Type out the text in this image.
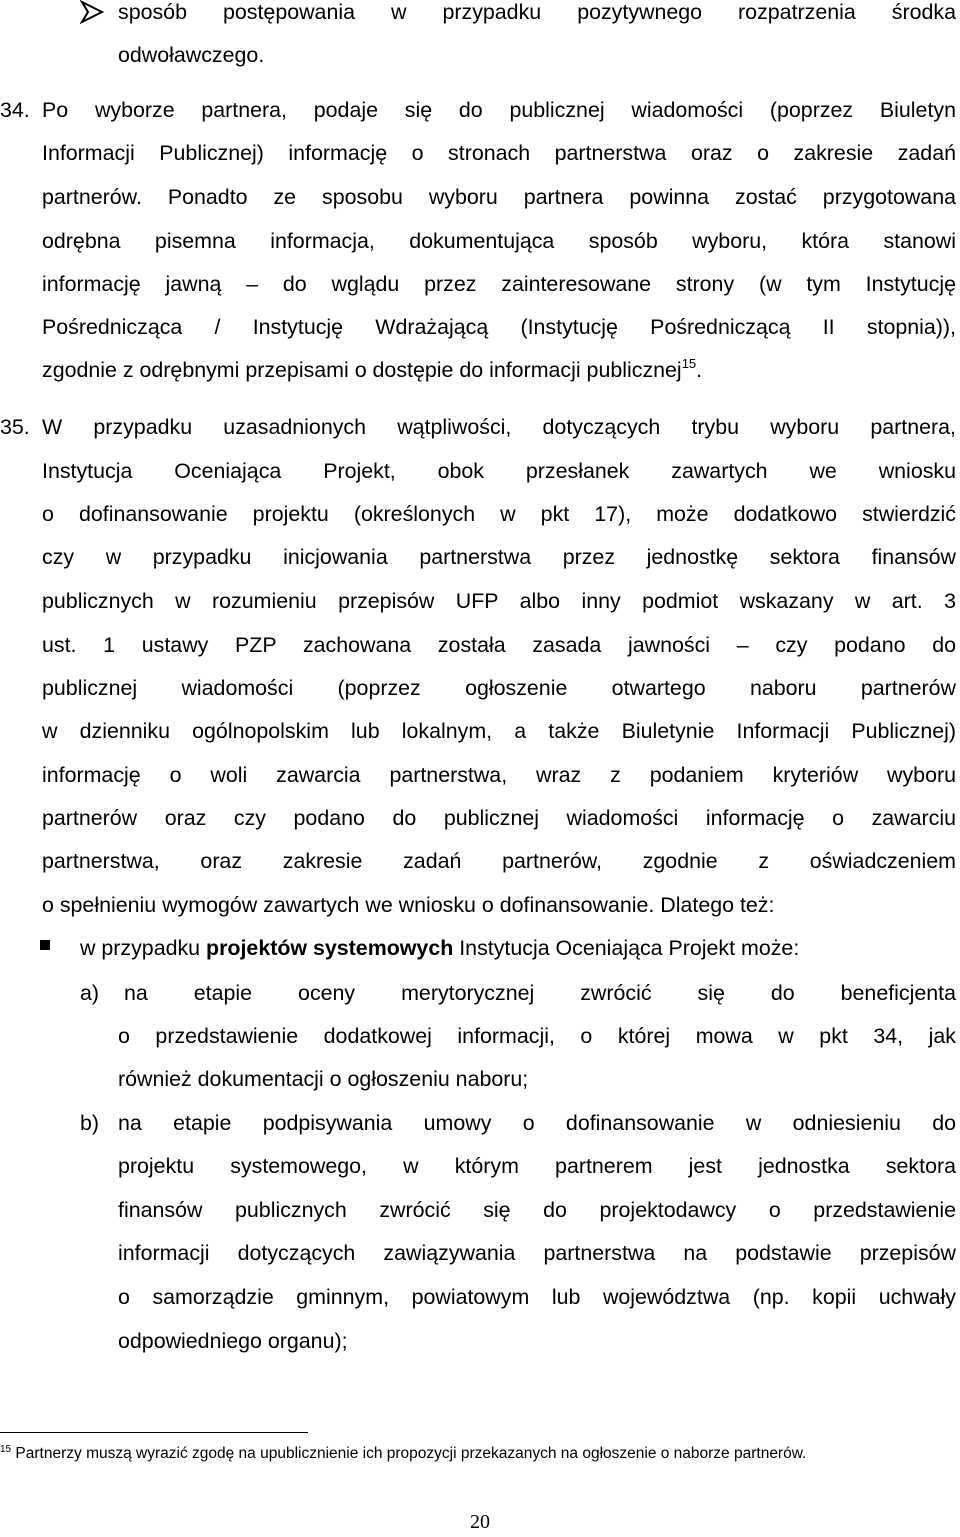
sposób postępowania w przypadku pozytywnego rozpatrzenia środka
odwoławczego.
34. Po wyborze partnera, podaje się do publicznej wiadomości (poprzez Biuletyn
Informacji Publicznej) informację o stronach partnerstwa oraz o zakresie zadań
partnerów. Ponadto ze sposobu wyboru partnera powinna zostać przygotowana
odrębna pisemna informacja, dokumentująca sposób wyboru, która stanowi
informację jawną – do wglądu przez zainteresowane strony (w tym Instytucję
Pośrednicząca / Instytucję Wdrażającą (Instytucję Pośredniczącą II stopnia)),
zgodnie z odrębnymi przepisami o dostępie do informacji publicznej$^{15}$.
35. W przypadku uzasadnionych wątpliwości, dotyczących trybu wyboru partnera,
Instytucja Oceniająca Projekt, obok przesłanek zawartych we wniosku
o dofinansowanie projektu (określonych w pkt 17), może dodatkowo stwierdzić
czy w przypadku inicjowania partnerstwa przez jednostkę sektora finansów
publicznych w rozumieniu przepisów UFP albo inny podmiot wskazany w art. 3
ust. 1 ustawy PZP zachowana została zasada jawności – czy podano do
publicznej wiadomości (poprzez ogłoszenie otwartego naboru partnerów
w dzienniku ogólnopolskim lub lokalnym, a także Biuletynie Informacji Publicznej)
informację o woli zawarcia partnerstwa, wraz z podaniem kryteriów wyboru
partnerów oraz czy podano do publicznej wiadomości informację o zawarciu
partnerstwa, oraz zakresie zadań partnerów, zgodnie z oświadczeniem
o spełnieniu wymogów zawartych we wniosku o dofinansowanie. Dlatego też:
w przypadku projektów systemowych Instytucja Oceniająca Projekt może:
a) na etapie oceny merytorycznej zwrócić się do beneficjenta
o przedstawienie dodatkowej informacji, o której mowa w pkt 34, jak
również dokumentacji o ogłoszeniu naboru;
b) na etapie podpisywania umowy o dofinansowanie w odniesieniu do
projektu systemowego, w którym partnerem jest jednostka sektora
finansów publicznych zwrócić się do projektodawcy o przedstawienie
informacji dotyczących zawiązywania partnerstwa na podstawie przepisów
o samorządzie gminnym, powiatowym lub województwa (np. kopii uchwały
odpowiedniego organu);
$^{15}$ Partnerzy muszą wyrazić zgodę na upublicznienie ich propozycji przekazanych na ogłoszenie o naborze partnerów.
20
